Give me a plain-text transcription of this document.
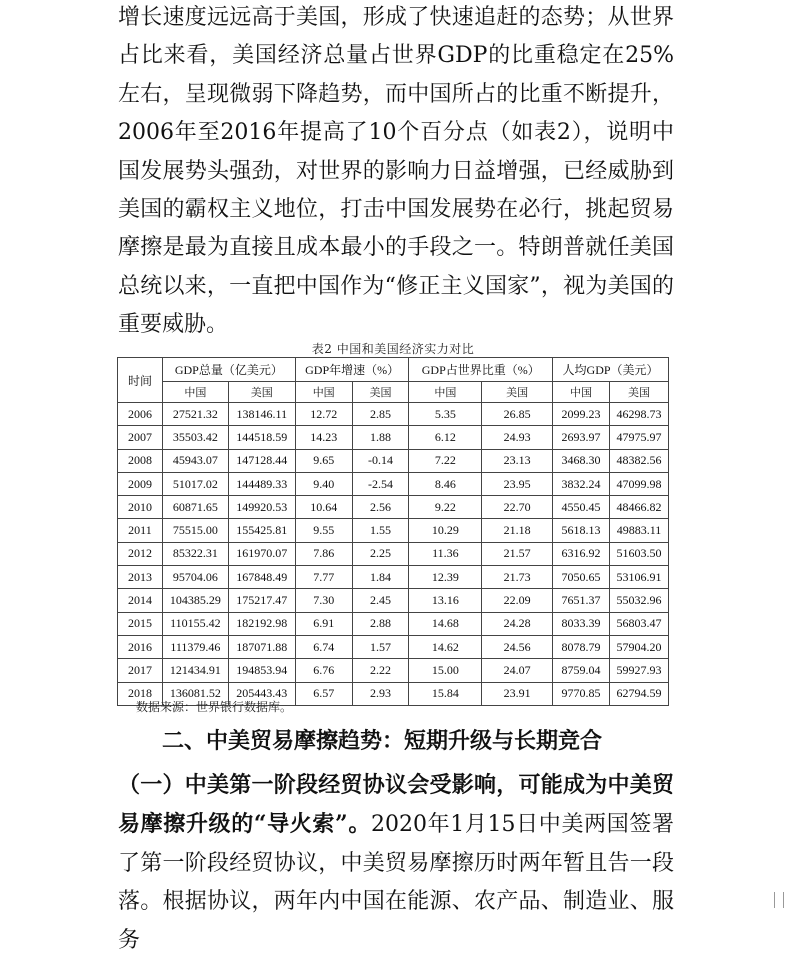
增长速度远远高于美国，形成了快速追赶的态势；从世界占比来看，美国经济总量占世界GDP的比重稳定在25%左右，呈现微弱下降趋势，而中国所占的比重不断提升，2006年至2016年提高了10个百分点（如表2），说明中国发展势头强劲，对世界的影响力日益增强，已经威胁到美国的霸权主义地位，打击中国发展势在必行，挑起贸易摩擦是最为直接且成本最小的手段之一。特朗普就任美国总统以来，一直把中国作为“修正主义国家”，视为美国的重要威胁。

表2 中国和美国经济实力对比
时间	GDP总量（亿美元）		GDP年增速（%）		GDP占世界比重（%）		人均GDP（美元）	
	中国	美国	中国	美国	中国	美国	中国	美国
2006	27521.32	138146.11	12.72	2.85	5.35	26.85	2099.23	46298.73
2007	35503.42	144518.59	14.23	1.88	6.12	24.93	2693.97	47975.97
2008	45943.07	147128.44	9.65	-0.14	7.22	23.13	3468.30	48382.56
2009	51017.02	144489.33	9.40	-2.54	8.46	23.95	3832.24	47099.98
2010	60871.65	149920.53	10.64	2.56	9.22	22.70	4550.45	48466.82
2011	75515.00	155425.81	9.55	1.55	10.29	21.18	5618.13	49883.11
2012	85322.31	161970.07	7.86	2.25	11.36	21.57	6316.92	51603.50
2013	95704.06	167848.49	7.77	1.84	12.39	21.73	7050.65	53106.91
2014	104385.29	175217.47	7.30	2.45	13.16	22.09	7651.37	55032.96
2015	110155.42	182192.98	6.91	2.88	14.68	24.28	8033.39	56803.47
2016	111379.46	187071.88	6.74	1.57	14.62	24.56	8078.79	57904.20
2017	121434.91	194853.94	6.76	2.22	15.00	24.07	8759.04	59927.93
2018	136081.52	205443.43	6.57	2.93	15.84	23.91	9770.85	62794.59
数据来源：世界银行数据库。
二、中美贸易摩擦趋势：短期升级与长期竞合

（一）中美第一阶段经贸协议会受影响，可能成为中美贸易摩擦升级的“导火索”。2020年1月15日中美两国签署了第一阶段经贸协议，中美贸易摩擦历时两年暂且告一段落。根据协议，两年内中国在能源、农产品、制造业、服务
